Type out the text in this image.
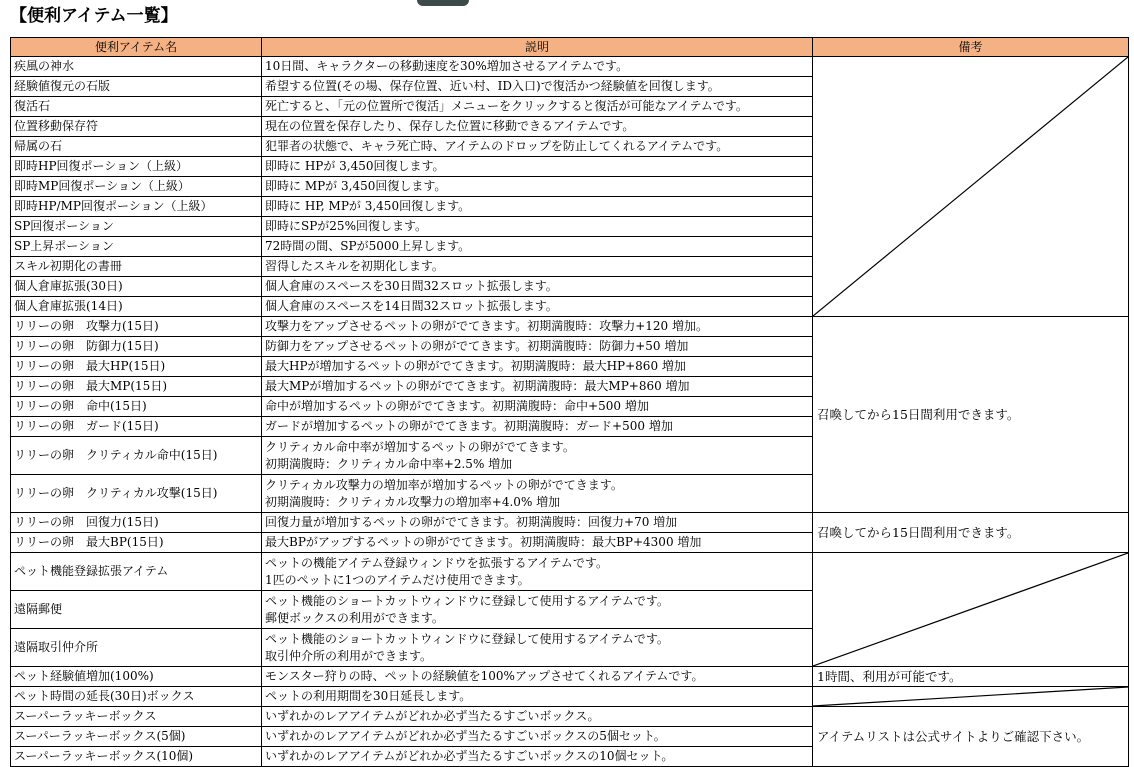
【便利アイテム一覧】
便利アイテム名	説明	備考
疾風の神水	10日間、キャラクターの移動速度を30%増加させるアイテムです。	
経験値復元の石版	希望する位置(その場、保存位置、近い村、ID入口)で復活かつ経験値を回復します。	
復活石	死亡すると、「元の位置所で復活」メニューをクリックすると復活が可能なアイテムです。	
位置移動保存符	現在の位置を保存したり、保存した位置に移動できるアイテムです。	
帰属の石	犯罪者の状態で、キャラ死亡時、アイテムのドロップを防止してくれるアイテムです。	
即時HP回復ポーション（上級）	即時に HPが 3,450回復します。	
即時MP回復ポーション（上級）	即時に MPが 3,450回復します。	
即時HP/MP回復ポーション（上級）	即時に HP, MPが 3,450回復します。	
SP回復ポーション	即時にSPが25%回復します。	
SP上昇ポーション	72時間の間、SPが5000上昇します。	
スキル初期化の書冊	習得したスキルを初期化します。	
個人倉庫拡張(30日)	個人倉庫のスペースを30日間32スロット拡張します。	
個人倉庫拡張(14日)	個人倉庫のスペースを14日間32スロット拡張します。	
リリーの卵　攻撃力(15日)	攻撃力をアップさせるペットの卵がでてきます。初期満腹時：攻撃力+120 増加。	召喚してから15日間利用できます。
リリーの卵　防御力(15日)	防御力をアップさせるペットの卵がでてきます。初期満腹時：防御力+50 増加	
リリーの卵　最大HP(15日)	最大HPが増加するペットの卵がでてきます。初期満腹時：最大HP+860 増加	
リリーの卵　最大MP(15日)	最大MPが増加するペットの卵がでてきます。初期満腹時：最大MP+860 増加	
リリーの卵　命中(15日)	命中が増加するペットの卵がでてきます。初期満腹時：命中+500 増加	
リリーの卵　ガード(15日)	ガードが増加するペットの卵がでてきます。初期満腹時：ガード+500 増加	
リリーの卵　クリティカル命中(15日)	クリティカル命中率が増加するペットの卵がでてきます。
初期満腹時：クリティカル命中率+2.5% 増加	

リリーの卵　クリティカル攻撃(15日)	クリティカル攻撃力の増加率が増加するペットの卵がでてきます。
初期満腹時：クリティカル攻撃力の増加率+4.0% 増加	

リリーの卵　回復力(15日)	回復力量が増加するペットの卵がでてきます。初期満腹時：回復力+70 増加	召喚してから15日間利用できます。
リリーの卵　最大BP(15日)	最大BPがアップするペットの卵がでてきます。初期満腹時：最大BP+4300 増加	
ペット機能登録拡張アイテム	ペットの機能アイテム登録ウィンドウを拡張するアイテムです。
1匹のペットに1つのアイテムだけ使用できます。	

遠隔郵便	ペット機能のショートカットウィンドウに登録して使用するアイテムです。
郵便ボックスの利用ができます。	

遠隔取引仲介所	ペット機能のショートカットウィンドウに登録して使用するアイテムです。
取引仲介所の利用ができます。	

ペット経験値増加(100%)	モンスター狩りの時、ペットの経験値を100%アップさせてくれるアイテムです。	1時間、利用が可能です。
ペット時間の延長(30日)ボックス	ペットの利用期間を30日延長します。	
スーパーラッキーボックス	いずれかのレアアイテムがどれか必ず当たるすごいボックス。	アイテムリストは公式サイトよりご確認下さい。
スーパーラッキーボックス(5個)	いずれかのレアアイテムがどれか必ず当たるすごいボックスの5個セット。	
スーパーラッキーボックス(10個)	いずれかのレアアイテムがどれか必ず当たるすごいボックスの10個セット。	
